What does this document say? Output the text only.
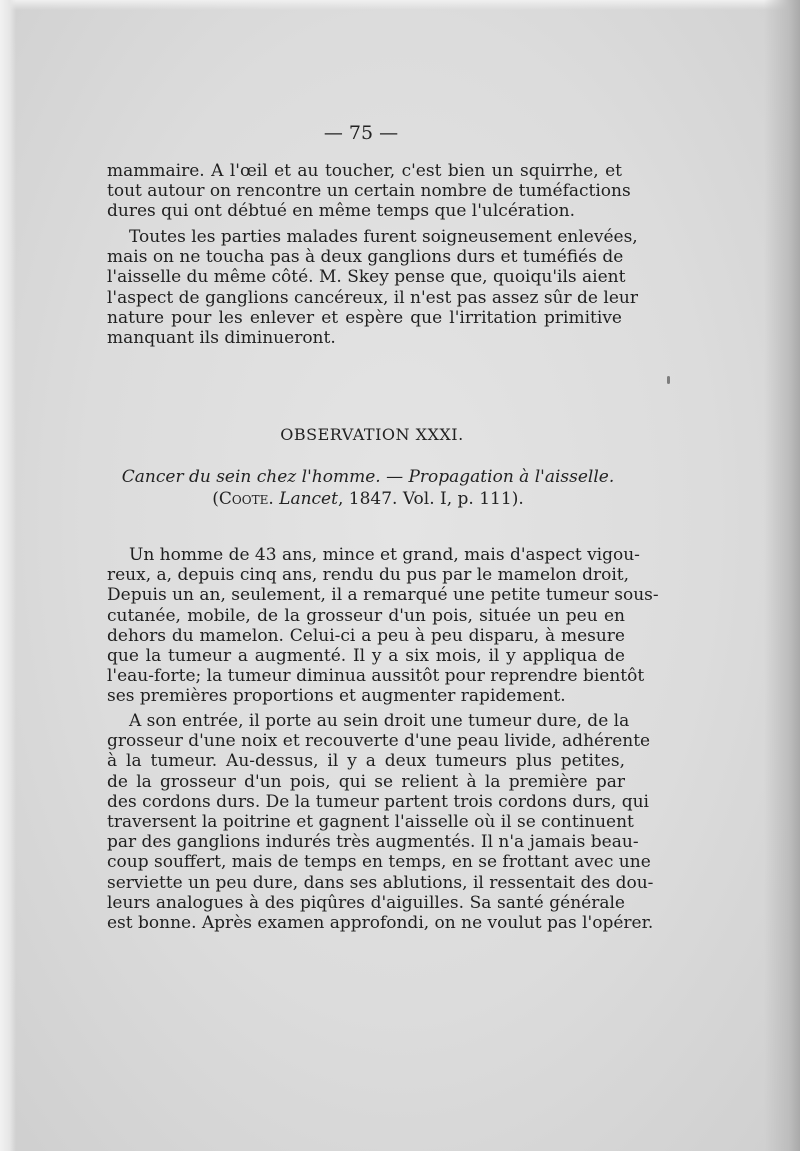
— 75 —
mammaire. A l'œil et au toucher, c'est bien un squirrhe, et
tout autour on rencontre un certain nombre de tuméfactions
dures qui ont débtué en même temps que l'ulcération.
Toutes les parties malades furent soigneusement enlevées,
mais on ne toucha pas à deux ganglions durs et tuméfiés de
l'aisselle du même côté. M. Skey pense que, quoiqu'ils aient
l'aspect de ganglions cancéreux, il n'est pas assez sûr de leur
nature pour les enlever et espère que l'irritation primitive
manquant ils diminueront.
OBSERVATION XXXI.
Cancer du sein chez l'homme. — Propagation à l'aisselle.
(Coote. Lancet, 1847. Vol. I, p. 111).
Un homme de 43 ans, mince et grand, mais d'aspect vigou-
reux, a, depuis cinq ans, rendu du pus par le mamelon droit,
Depuis un an, seulement, il a remarqué une petite tumeur sous-
cutanée, mobile, de la grosseur d'un pois, située un peu en
dehors du mamelon. Celui-ci a peu à peu disparu, à mesure
que la tumeur a augmenté. Il y a six mois, il y appliqua de
l'eau-forte; la tumeur diminua aussitôt pour reprendre bientôt
ses premières proportions et augmenter rapidement.
A son entrée, il porte au sein droit une tumeur dure, de la
grosseur d'une noix et recouverte d'une peau livide, adhérente
à la tumeur. Au-dessus, il y a deux tumeurs plus petites,
de la grosseur d'un pois, qui se relient à la première par
des cordons durs. De la tumeur partent trois cordons durs, qui
traversent la poitrine et gagnent l'aisselle où il se continuent
par des ganglions indurés très augmentés. Il n'a jamais beau-
coup souffert, mais de temps en temps, en se frottant avec une
serviette un peu dure, dans ses ablutions, il ressentait des dou-
leurs analogues à des piqûres d'aiguilles. Sa santé générale
est bonne. Après examen approfondi, on ne voulut pas l'opérer.
